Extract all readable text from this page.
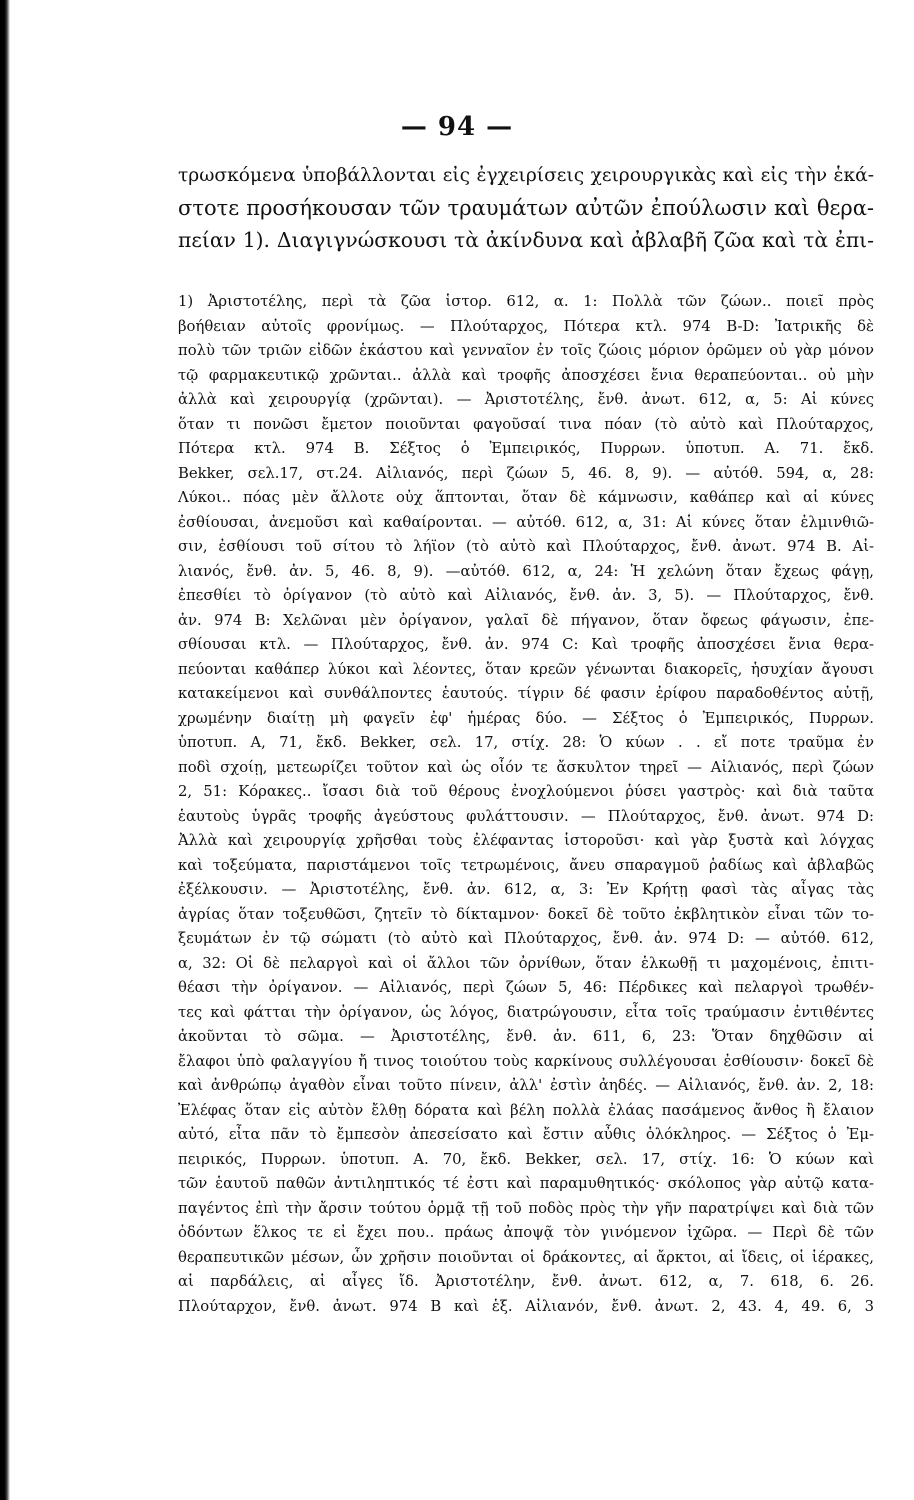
— 94 —
τρωσκόμενα ὑποβάλλονται εἰς ἐγχειρίσεις χειρουργικὰς καὶ εἰς τὴν ἑκά-
στοτε προσήκουσαν τῶν τραυμάτων αὐτῶν ἐπούλωσιν καὶ θερα-
πείαν 1). Διαγιγνώσκουσι τὰ ἀκίνδυνα καὶ ἀβλαβῆ ζῶα καὶ τὰ ἐπι-
1) Ἀριστοτέλης, περὶ τὰ ζῶα ἱστορ. 612, α. 1: Πολλὰ τῶν ζώων.. ποιεῖ πρὸς
βοήθειαν αὐτοῖς φρονίμως. — Πλούταρχος, Πότερα κτλ. 974 B-D: Ἰατρικῆς δὲ
πολὺ τῶν τριῶν εἰδῶν ἑκάστου καὶ γενναῖον ἐν τοῖς ζώοις μόριον ὁρῶμεν οὐ γὰρ μόνον
τῷ φαρμακευτικῷ χρῶνται.. ἀλλὰ καὶ τροφῆς ἀποσχέσει ἔνια θεραπεύονται.. οὐ μὴν
ἀλλὰ καὶ χειρουργίᾳ (χρῶνται). — Ἀριστοτέλης, ἔνθ. ἀνωτ. 612, α, 5: Αἱ κύνες
ὅταν τι πονῶσι ἔμετον ποιοῦνται φαγοῦσαί τινα πόαν (τὸ αὐτὸ καὶ Πλούταρχος,
Πότερα κτλ. 974 B. Σέξτος ὁ Ἐμπειρικός, Πυρρων. ὑποτυπ. Α. 71. ἔκδ.
Bekker, σελ.17, στ.24. Αἰλιανός, περὶ ζώων 5, 46. 8, 9). — αὐτόθ. 594, α, 28:
Λύκοι.. πόας μὲν ἄλλοτε οὐχ ἅπτονται, ὅταν δὲ κάμνωσιν, καθάπερ καὶ αἱ κύνες
ἐσθίουσαι, ἀνεμοῦσι καὶ καθαίρονται. — αὐτόθ. 612, α, 31: Αἱ κύνες ὅταν ἑλμινθιῶ-
σιν, ἐσθίουσι τοῦ σίτου τὸ λήϊον (τὸ αὐτὸ καὶ Πλούταρχος, ἔνθ. ἀνωτ. 974 B. Αἰ-
λιανός, ἔνθ. ἀν. 5, 46. 8, 9). —αὐτόθ. 612, α, 24: Ἡ χελώνη ὅταν ἔχεως φάγῃ,
ἐπεσθίει τὸ ὀρίγανον (τὸ αὐτὸ καὶ Αἰλιανός, ἔνθ. ἀν. 3, 5). — Πλούταρχος, ἔνθ.
ἀν. 974 B: Χελῶναι μὲν ὀρίγανον, γαλαῖ δὲ πήγανον, ὅταν ὄφεως φάγωσιν, ἐπε-
σθίουσαι κτλ. — Πλούταρχος, ἔνθ. ἀν. 974 C: Καὶ τροφῆς ἀποσχέσει ἔνια θερα-
πεύονται καθάπερ λύκοι καὶ λέοντες, ὅταν κρεῶν γένωνται διακορεῖς, ἡσυχίαν ἄγουσι
κατακείμενοι καὶ συνθάλποντες ἑαυτούς. τίγριν δέ φασιν ἐρίφου παραδοθέντος αὐτῇ,
χρωμένην διαίτῃ μὴ φαγεῖν ἐφ' ἡμέρας δύο. — Σέξτος ὁ Ἐμπειρικός, Πυρρων.
ὑποτυπ. Α, 71, ἔκδ. Bekker, σελ. 17, στίχ. 28: Ὁ κύων . . εἴ ποτε τραῦμα ἐν
ποδὶ σχοίῃ, μετεωρίζει τοῦτον καὶ ὡς οἷόν τε ἄσκυλτον τηρεῖ — Αἰλιανός, περὶ ζώων
2, 51: Κόρακες.. ἴσασι διὰ τοῦ θέρους ἐνοχλούμενοι ῥύσει γαστρὸς· καὶ διὰ ταῦτα
ἑαυτοὺς ὑγρᾶς τροφῆς ἀγεύστους φυλάττουσιν. — Πλούταρχος, ἔνθ. ἀνωτ. 974 D:
Ἀλλὰ καὶ χειρουργίᾳ χρῆσθαι τοὺς ἐλέφαντας ἱστοροῦσι· καὶ γὰρ ξυστὰ καὶ λόγχας
καὶ τοξεύματα, παριστάμενοι τοῖς τετρωμένοις, ἄνευ σπαραγμοῦ ῥαδίως καὶ ἀβλαβῶς
ἐξέλκουσιν. — Ἀριστοτέλης, ἔνθ. ἀν. 612, α, 3: Ἐν Κρήτῃ φασὶ τὰς αἶγας τὰς
ἀγρίας ὅταν τοξευθῶσι, ζητεῖν τὸ δίκταμνον· δοκεῖ δὲ τοῦτο ἐκβλητικὸν εἶναι τῶν το-
ξευμάτων ἐν τῷ σώματι (τὸ αὐτὸ καὶ Πλούταρχος, ἔνθ. ἀν. 974 D: — αὐτόθ. 612,
α, 32: Οἱ δὲ πελαργοὶ καὶ οἱ ἄλλοι τῶν ὀρνίθων, ὅταν ἑλκωθῇ τι μαχομένοις, ἐπιτι-
θέασι τὴν ὀρίγανον. — Αἰλιανός, περὶ ζώων 5, 46: Πέρδικες καὶ πελαργοὶ τρωθέν-
τες καὶ φάτται τὴν ὀρίγανον, ὡς λόγος, διατρώγουσιν, εἶτα τοῖς τραύμασιν ἐντιθέντες
ἀκοῦνται τὸ σῶμα. — Ἀριστοτέλης, ἔνθ. ἀν. 611, 6, 23: Ὅταν δηχθῶσιν αἱ
ἔλαφοι ὑπὸ φαλαγγίου ἤ τινος τοιούτου τοὺς καρκίνους συλλέγουσαι ἐσθίουσιν· δοκεῖ δὲ
καὶ ἀνθρώπῳ ἀγαθὸν εἶναι τοῦτο πίνειν, ἀλλ' ἐστὶν ἀηδές. — Αἰλιανός, ἔνθ. ἀν. 2, 18:
Ἐλέφας ὅταν εἰς αὐτὸν ἔλθῃ δόρατα καὶ βέλη πολλὰ ἐλάας πασάμενος ἄνθος ἢ ἔλαιον
αὐτό, εἶτα πᾶν τὸ ἔμπεσὸν ἀπεσείσατο καὶ ἔστιν αὖθις ὁλόκληρος. — Σέξτος ὁ Ἐμ-
πειρικός, Πυρρων. ὑποτυπ. Α. 70, ἔκδ. Bekker, σελ. 17, στίχ. 16: Ὁ κύων καὶ
τῶν ἑαυτοῦ παθῶν ἀντιληπτικός τέ ἐστι καὶ παραμυθητικός· σκόλοπος γὰρ αὐτῷ κατα-
παγέντος ἐπὶ τὴν ἄρσιν τούτου ὁρμᾷ τῇ τοῦ ποδὸς πρὸς τὴν γῆν παρατρίψει καὶ διὰ τῶν
ὀδόντων ἕλκος τε εἰ ἔχει που.. πράως ἀποψᾷ τὸν γινόμενον ἰχῶρα. — Περὶ δὲ τῶν
θεραπευτικῶν μέσων, ὧν χρῆσιν ποιοῦνται οἱ δράκοντες, αἱ ἄρκτοι, αἱ ἴδεις, οἱ ἱέρακες,
αἱ παρδάλεις, αἱ αἶγες ἴδ. Ἀριστοτέλην, ἔνθ. ἀνωτ. 612, α, 7. 618, 6. 26.
Πλούταρχον, ἔνθ. ἀνωτ. 974 B καὶ ἑξ. Αἰλιανόν, ἔνθ. ἀνωτ. 2, 43. 4, 49. 6, 3
